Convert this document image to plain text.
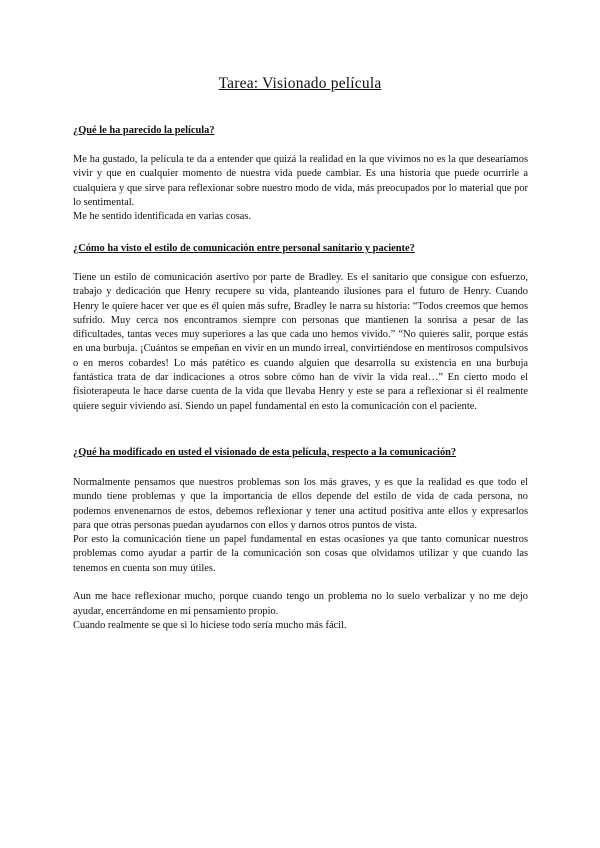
Tarea: Visionado película

¿Qué le ha parecido la película?

Me ha gustado, la película te da a entender que quizá la realidad en la que vivimos no es la que desearíamos vivir y que en cualquier momento de nuestra vida puede cambiar. Es una historia que puede ocurrirle a cualquiera y que sirve para reflexionar sobre nuestro modo de vida, más preocupados por lo material que por lo sentimental.

Me he sentido identificada en varias cosas.

¿Cómo ha visto el estilo de comunicación entre personal sanitario y paciente?

Tiene un estilo de comunicación asertivo por parte de Bradley. Es el sanitario que consigue con esfuerzo, trabajo y dedicación que Henry recupere su vida, planteando ilusiones para el futuro de Henry. Cuando Henry le quiere hacer ver que es él quien más sufre, Bradley le narra su historia: “Todos creemos que hemos sufrido. Muy cerca nos encontramos siempre con personas que mantienen la sonrisa a pesar de las dificultades, tantas veces muy superiores a las que cada uno hemos vivido.” “No quieres salir, porque estás en una burbuja. ¡Cuántos se empeñan en vivir en un mundo irreal, convirtiéndose en mentirosos compulsivos o en meros cobardes! Lo más patético es cuando alguien que desarrolla su existencia en una burbuja fantástica trata de dar indicaciones a otros sobre cómo han de vivir la vida real…” En cierto modo el fisioterapeuta le hace darse cuenta de la vida que llevaba Henry y este se para a reflexionar si él realmente quiere seguir viviendo así. Siendo un papel fundamental en esto la comunicación con el paciente.

¿Qué ha modificado en usted el visionado de esta película, respecto a la comunicación?

Normalmente pensamos que nuestros problemas son los más graves, y es que la realidad es que todo el mundo tiene problemas y que la importancia de ellos depende del estilo de vida de cada persona, no podemos envenenarnos de estos, debemos reflexionar y tener una actitud positiva ante ellos y expresarlos para que otras personas puedan ayudarnos con ellos y darnos otros puntos de vista.

Por esto la comunicación tiene un papel fundamental en estas ocasiones ya que tanto comunicar nuestros problemas como ayudar a partir de la comunicación son cosas que olvidamos utilizar y que cuando las tenemos en cuenta son muy útiles.

Aun me hace reflexionar mucho, porque cuando tengo un problema no lo suelo verbalizar y no me dejo ayudar, encerrándome en mi pensamiento propio.

Cuando realmente se que si lo hiciese todo sería mucho más fácil.
